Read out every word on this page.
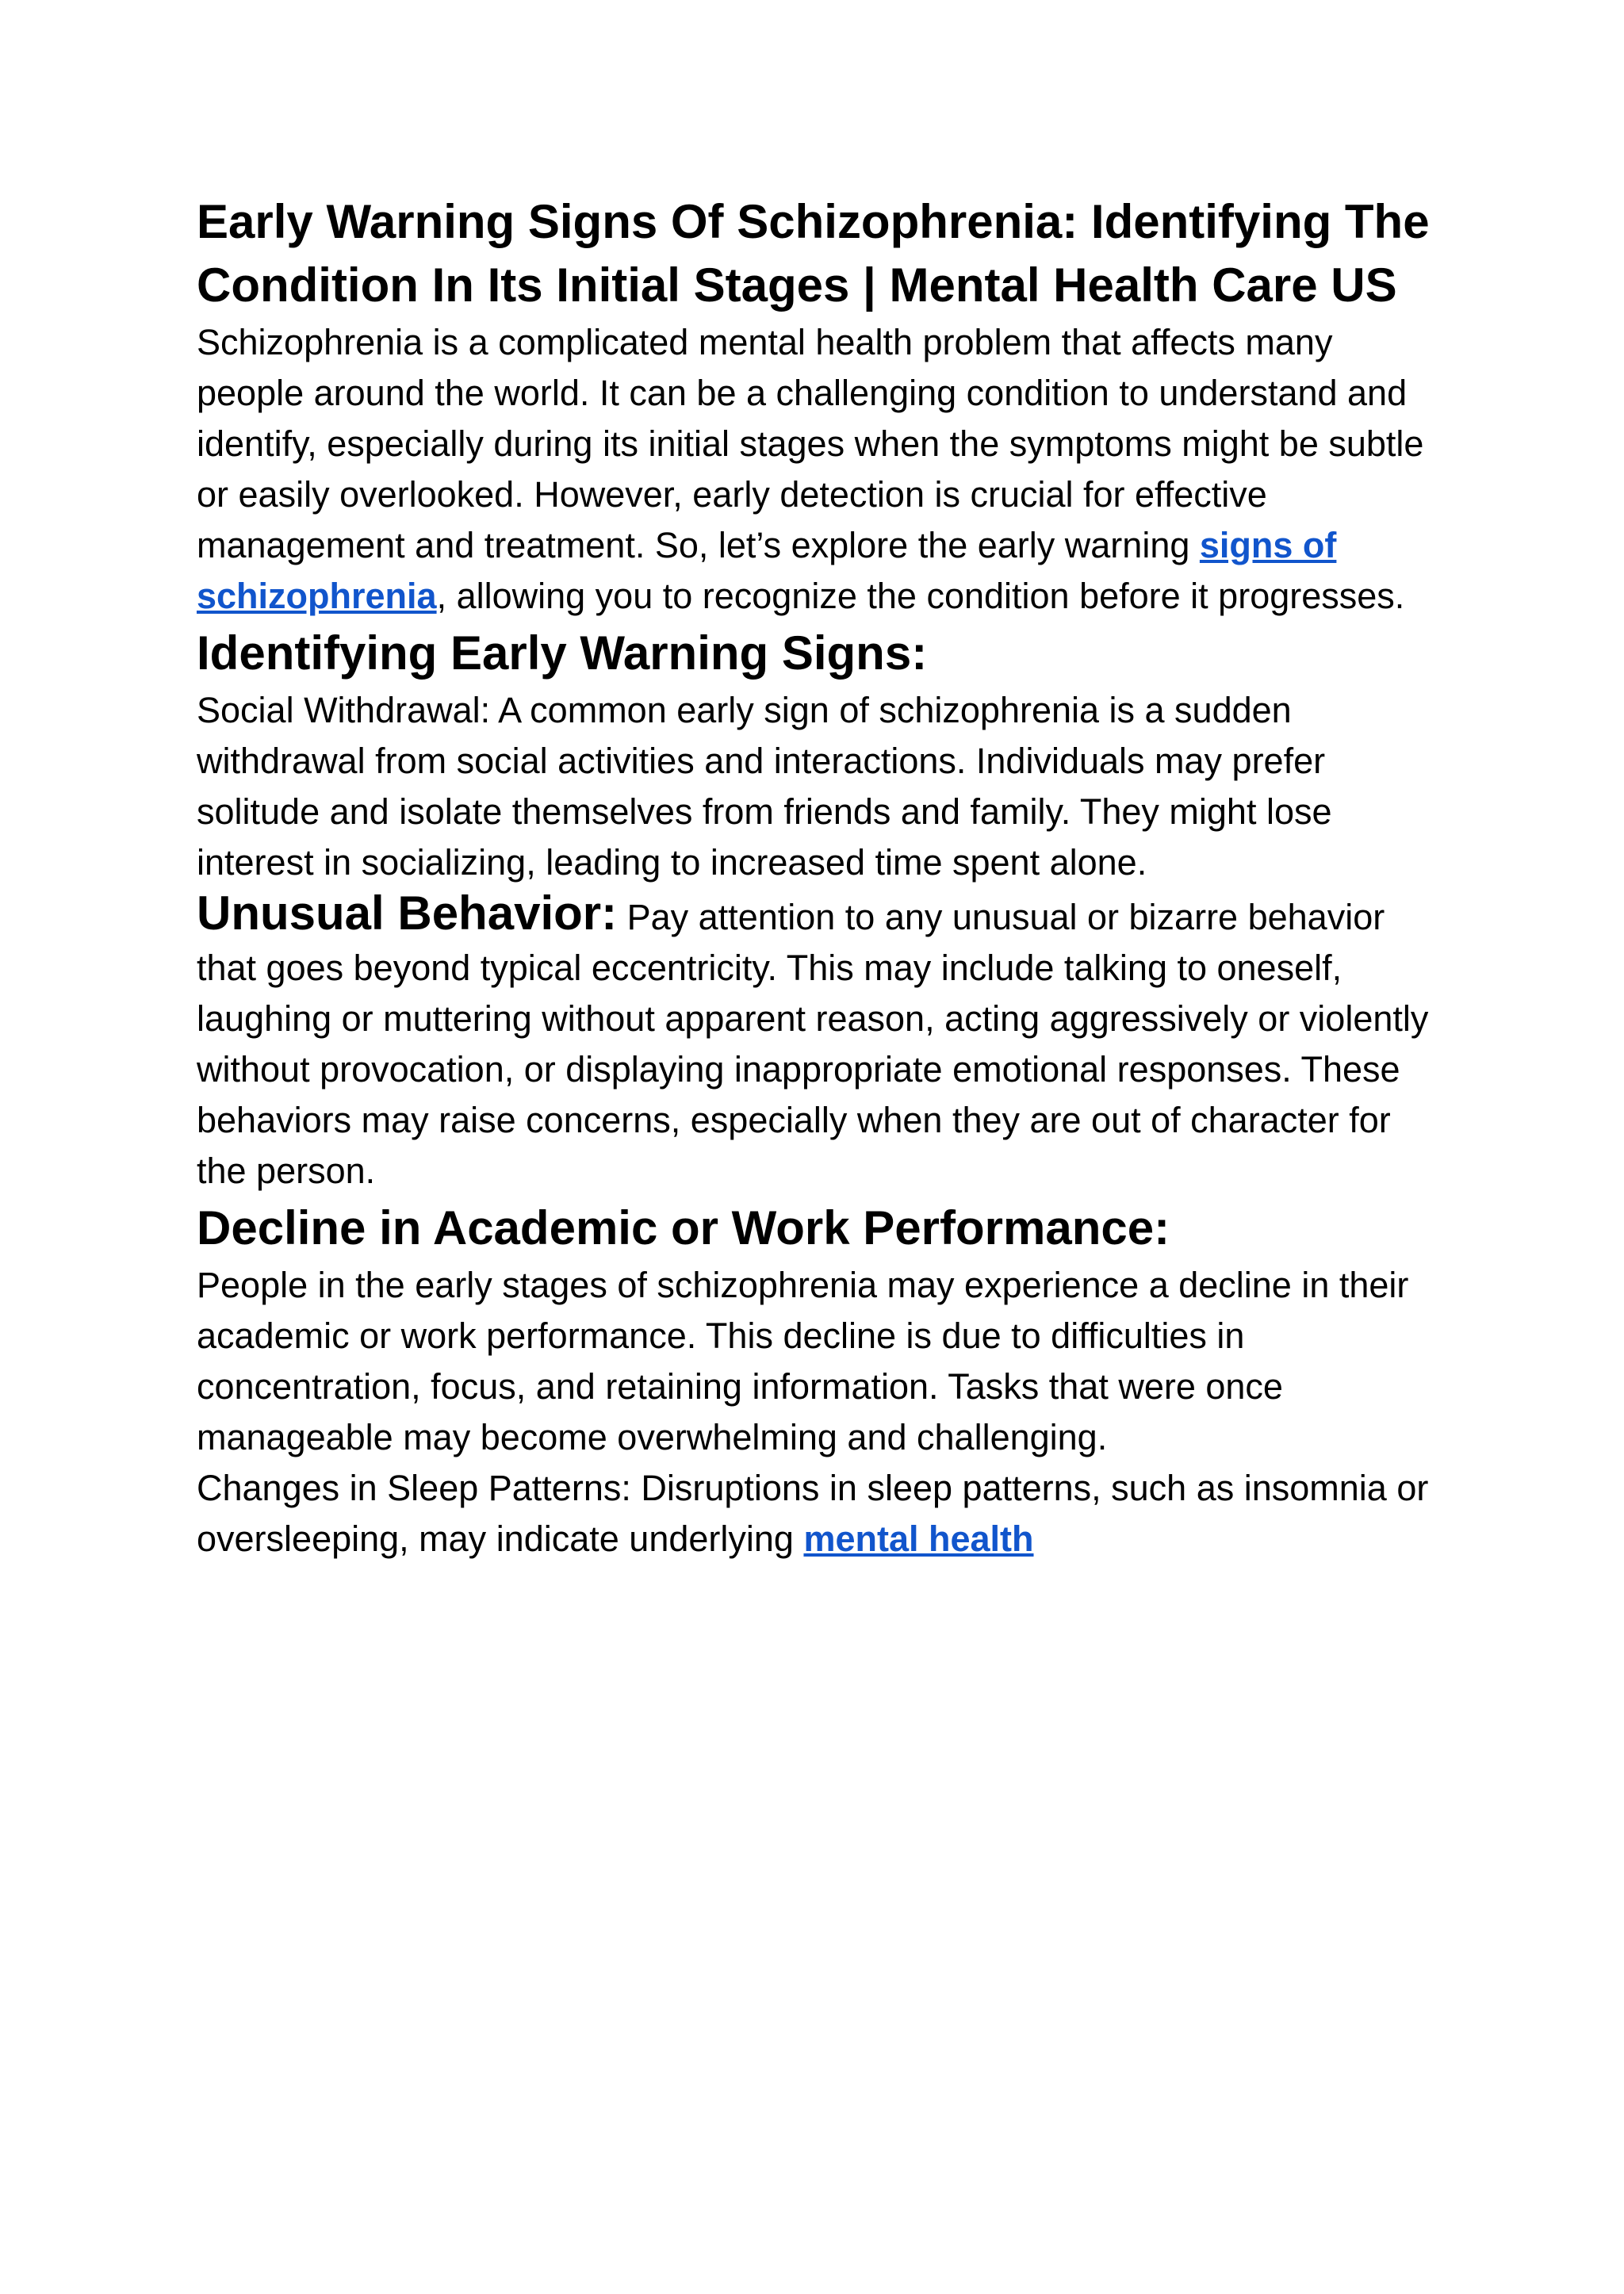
Early Warning Signs Of Schizophrenia: Identifying The Condition In Its Initial Stages | Mental Health Care US

Schizophrenia is a complicated mental health problem that affects many people around the world. It can be a challenging condition to understand and identify, especially during its initial stages when the symptoms might be subtle or easily overlooked. However, early detection is crucial for effective management and treatment. So, let’s explore the early warning signs of schizophrenia, allowing you to recognize the condition before it progresses.

Identifying Early Warning Signs:

Social Withdrawal: A common early sign of schizophrenia is a sudden withdrawal from social activities and interactions. Individuals may prefer solitude and isolate themselves from friends and family. They might lose interest in socializing, leading to increased time spent alone.

Unusual Behavior: Pay attention to any unusual or bizarre behavior that goes beyond typical eccentricity. This may include talking to oneself, laughing or muttering without apparent reason, acting aggressively or violently without provocation, or displaying inappropriate emotional responses. These behaviors may raise concerns, especially when they are out of character for the person.

Decline in Academic or Work Performance:

People in the early stages of schizophrenia may experience a decline in their academic or work performance. This decline is due to difficulties in concentration, focus, and retaining information. Tasks that were once manageable may become overwhelming and challenging.

Changes in Sleep Patterns: Disruptions in sleep patterns, such as insomnia or oversleeping, may indicate underlying mental health
